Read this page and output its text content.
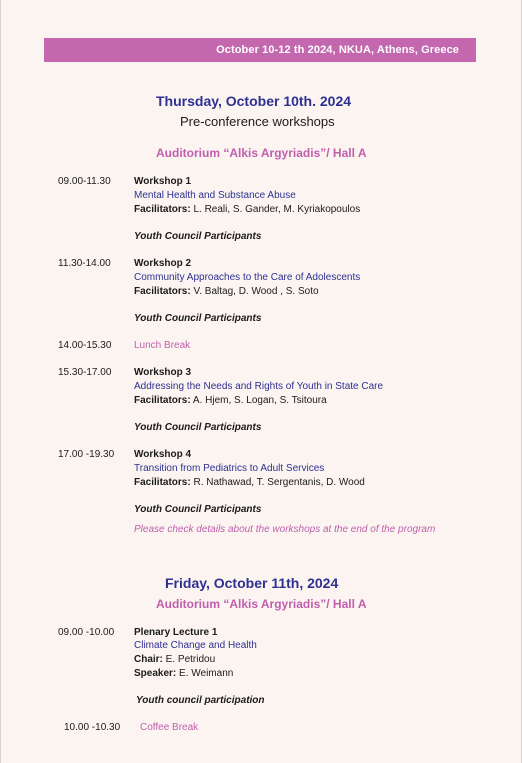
October 10-12 th 2024, NKUA, Athens, Greece
Thursday, October 10th. 2024
Pre-conference workshops
Auditorium “Alkis Argyriadis”/ Hall A
09.00-11.30 Workshop 1
Mental Health and Substance Abuse
Facilitators: L. Reali, S. Gander, M. Kyriakopoulos
Youth Council Participants
11.30-14.00 Workshop 2
Community Approaches to the Care of Adolescents
Facilitators: V. Baltag, D. Wood , S. Soto
Youth Council Participants
14.00-15.30 Lunch Break
15.30-17.00 Workshop 3
Addressing the Needs and Rights of Youth in State Care
Facilitators: A. Hjem, S. Logan, S. Tsitoura
Youth Council Participants
17.00 -19.30 Workshop 4
Transition from Pediatrics to Adult Services
Facilitators: R. Nathawad, T. Sergentanis, D. Wood
Youth Council Participants
Please check details about the workshops at the end of the program
Friday, October 11th, 2024
Auditorium “Alkis Argyriadis”/ Hall A
09.00 -10.00 Plenary Lecture 1
Climate Change and Health
Chair: E. Petridou
Speaker: E. Weimann
Youth council participation
10.00 -10.30 Coffee Break
